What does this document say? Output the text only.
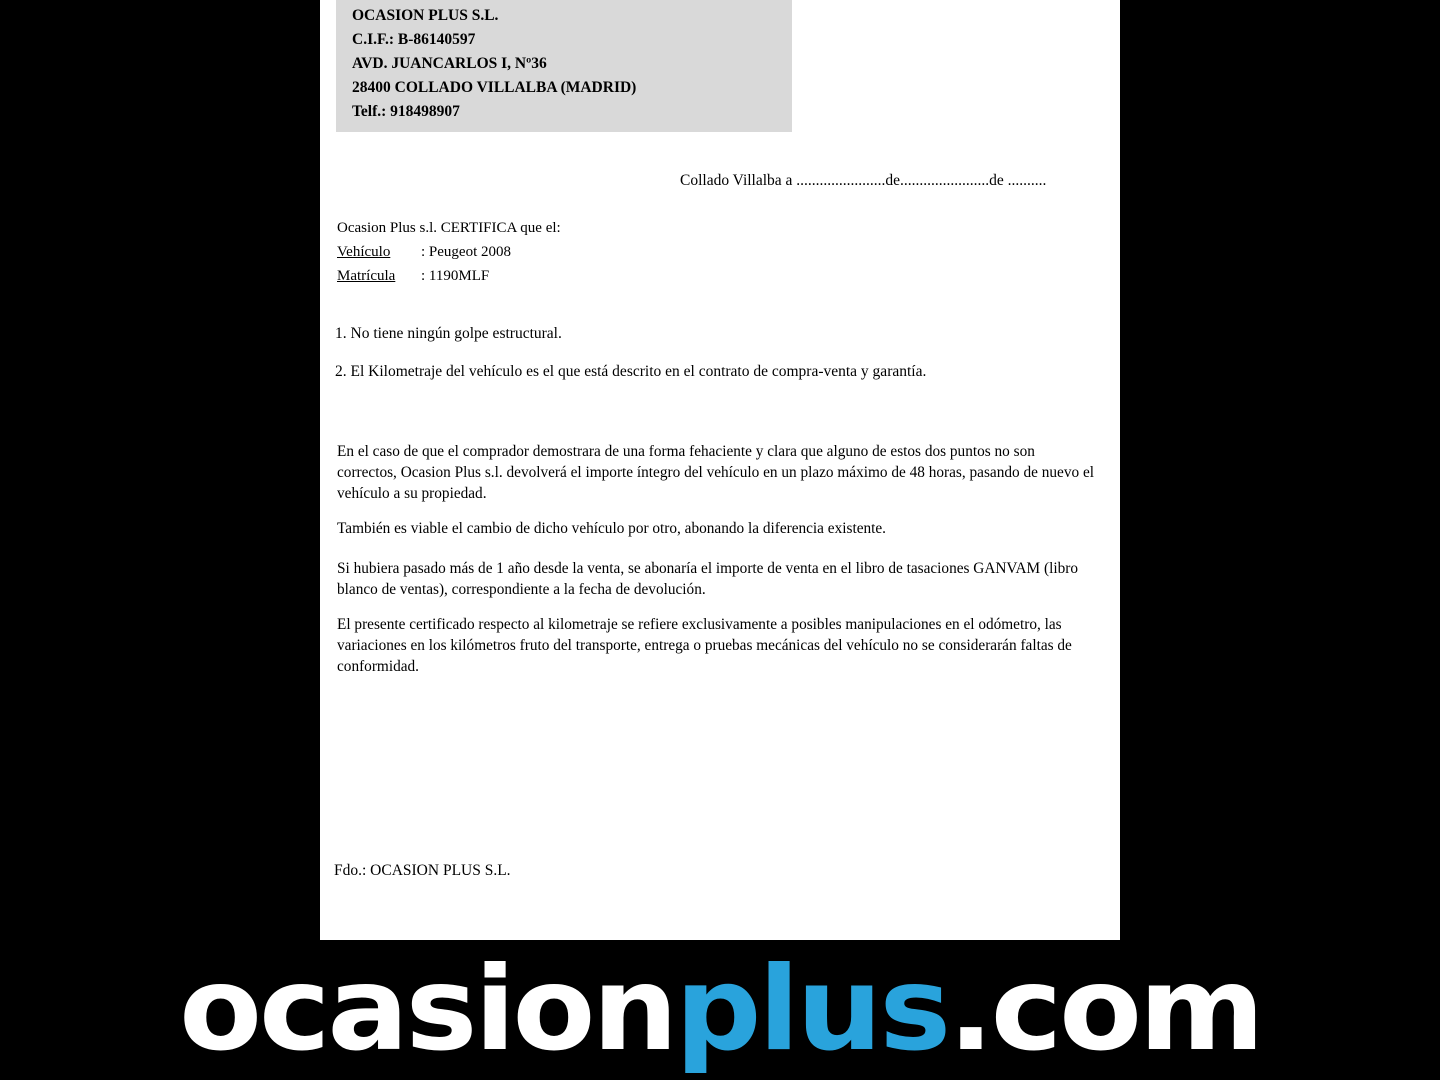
OCASION PLUS S.L.
C.I.F.: B-86140597
AVD. JUANCARLOS I, Nº36
28400 COLLADO VILLALBA (MADRID)
Telf.: 918498907
Collado Villalba a .......................de.......................de ..........
Ocasion Plus s.l. CERTIFICA que el:
Vehículo : Peugeot 2008
Matrícula : 1190MLF
1. No tiene ningún golpe estructural.
2. El Kilometraje del vehículo es el que está descrito en el contrato de compra-venta y garantía.
En el caso de que el comprador demostrara de una forma fehaciente y clara que alguno de estos dos puntos no son correctos, Ocasion Plus s.l. devolverá el importe íntegro del vehículo en un plazo máximo de 48 horas, pasando de nuevo el vehículo a su propiedad.
También es viable el cambio de dicho vehículo por otro, abonando la diferencia existente.
Si hubiera pasado más de 1 año desde la venta, se abonaría el importe de venta en el libro de tasaciones GANVAM (libro blanco de ventas), correspondiente a la fecha de devolución.
El presente certificado respecto al kilometraje se refiere exclusivamente a posibles manipulaciones en el odómetro, las variaciones en los kilómetros fruto del transporte, entrega o pruebas mecánicas del vehículo no se considerarán faltas de conformidad.
Fdo.: OCASION PLUS S.L.
ocasionplus.com
